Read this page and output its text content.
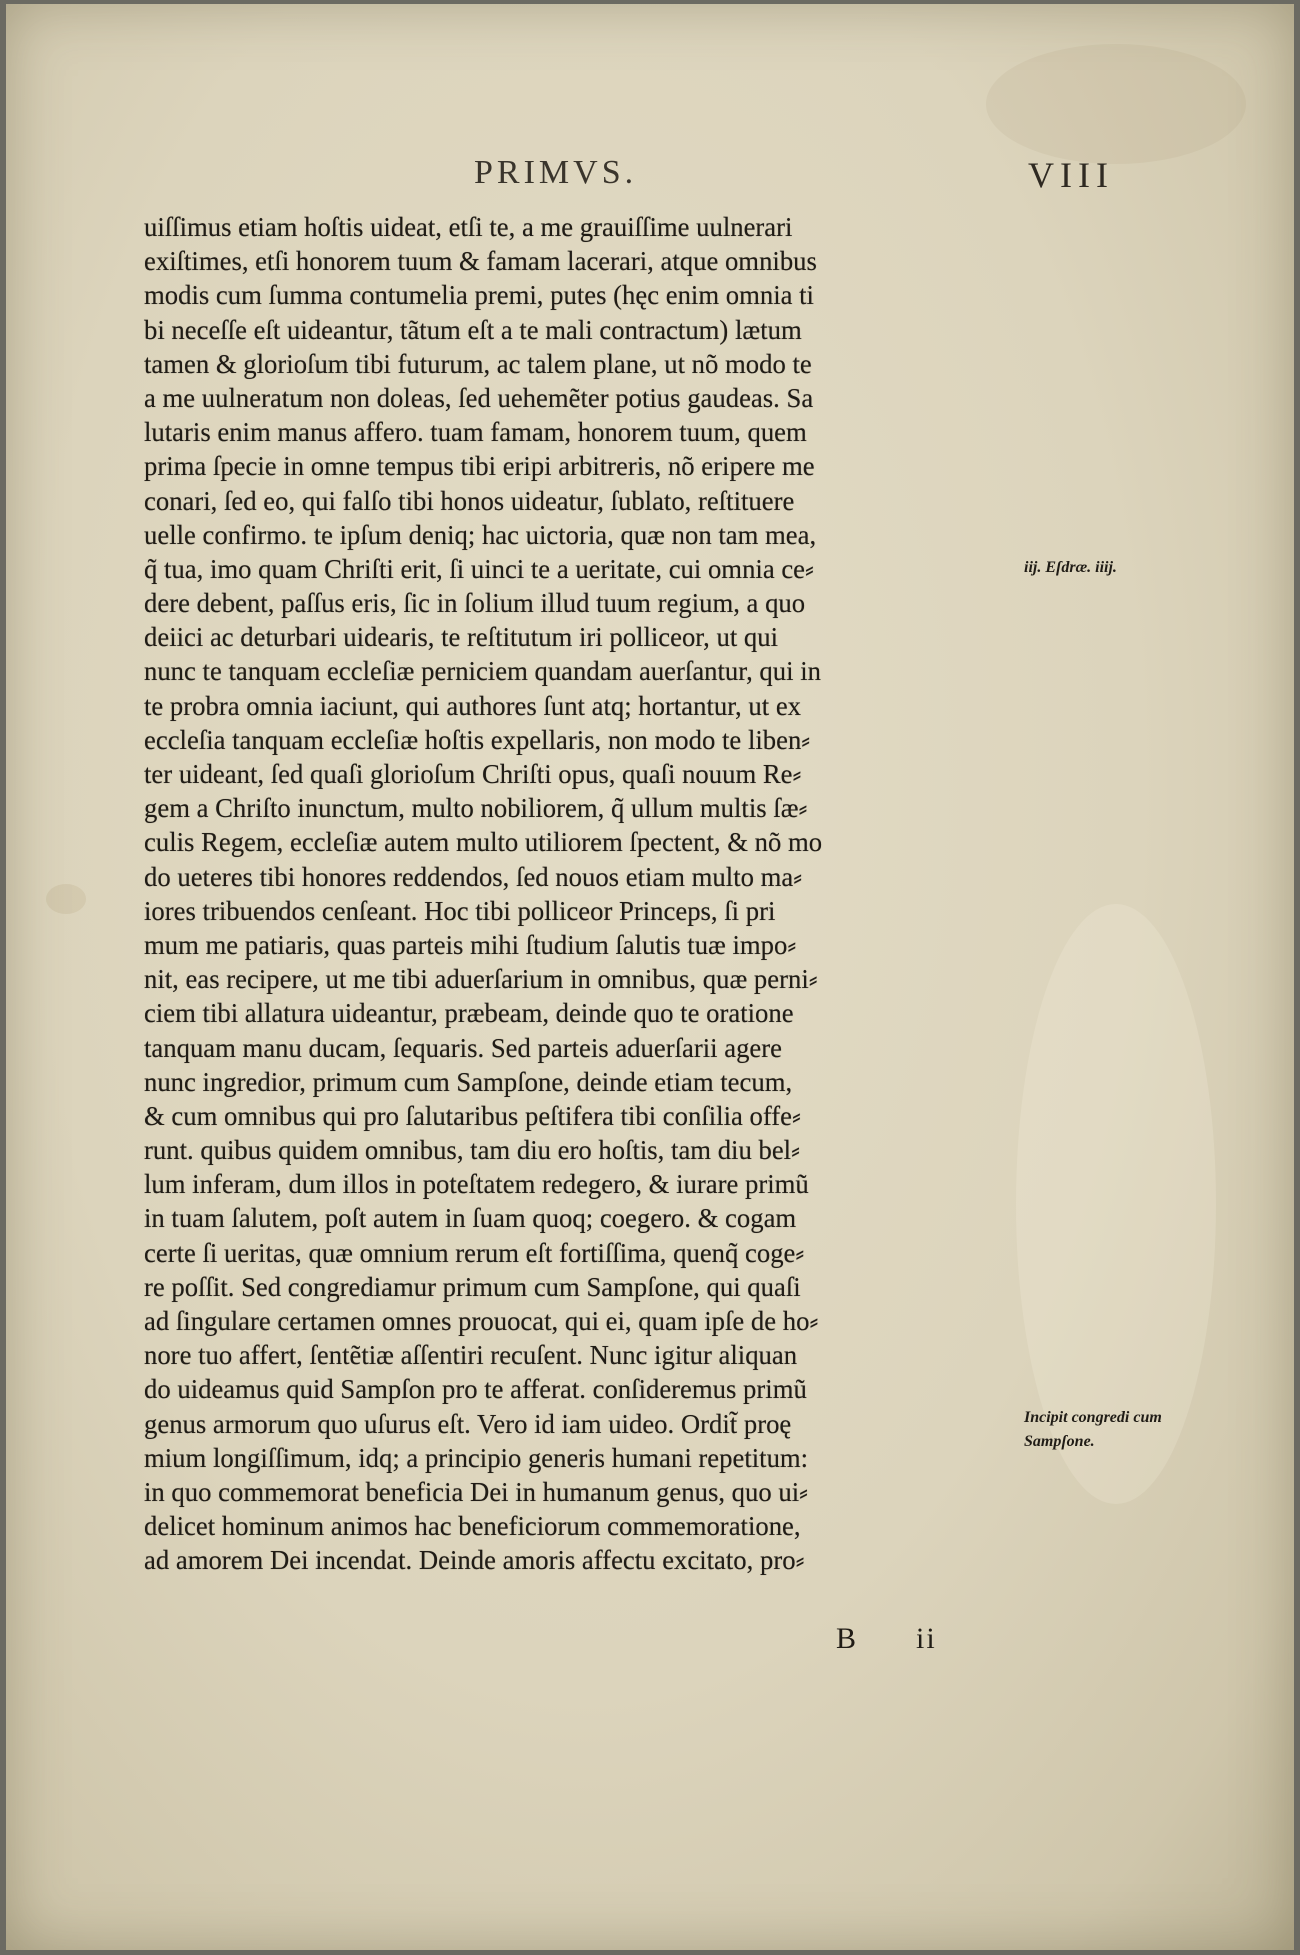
PRIMVS.	VIII
uiſſimus etiam hoſtis uideat, etſi te, a me grauiſſime uulnerari
exiſtimes, etſi honorem tuum & famam lacerari, atque omnibus
modis cum ſumma contumelia premi, putes (hęc enim omnia ti
bi neceſſe eſt uideantur, tãtum eſt a te mali contractum) lætum
tamen & glorioſum tibi futurum, ac talem plane, ut nõ modo te
a me uulneratum non doleas, ſed uehemẽter potius gaudeas. Sa
lutaris enim manus affero. tuam famam, honorem tuum, quem
prima ſpecie in omne tempus tibi eripi arbitreris, nõ eripere me
conari, ſed eo, qui falſo tibi honos uideatur, ſublato, reſtituere
uelle confirmo. te ipſum deniq; hac uictoria, quæ non tam mea,
q̃ tua, imo quam Chriſti erit, ſi uinci te a ueritate, cui omnia ce⸗
dere debent, paſſus eris, ſic in ſolium illud tuum regium, a quo
deiici ac deturbari uidearis, te reſtitutum iri polliceor, ut qui
nunc te tanquam eccleſiæ perniciem quandam auerſantur, qui in
te probra omnia iaciunt, qui authores ſunt atq; hortantur, ut ex
eccleſia tanquam eccleſiæ hoſtis expellaris, non modo te liben⸗
ter uideant, ſed quaſi glorioſum Chriſti opus, quaſi nouum Re⸗
gem a Chriſto inunctum, multo nobiliorem, q̃ ullum multis ſæ⸗
culis Regem, eccleſiæ autem multo utiliorem ſpectent, & nõ mo
do ueteres tibi honores reddendos, ſed nouos etiam multo ma⸗
iores tribuendos cenſeant. Hoc tibi polliceor Princeps, ſi pri
mum me patiaris, quas parteis mihi ſtudium ſalutis tuæ impo⸗
nit, eas recipere, ut me tibi aduerſarium in omnibus, quæ perni⸗
ciem tibi allatura uideantur, præbeam, deinde quo te oratione
tanquam manu ducam, ſequaris. Sed parteis aduerſarii agere
nunc ingredior, primum cum Sampſone, deinde etiam tecum,
& cum omnibus qui pro ſalutaribus peſtifera tibi conſilia offe⸗
runt. quibus quidem omnibus, tam diu ero hoſtis, tam diu bel⸗
lum inferam, dum illos in poteſtatem redegero, & iurare primũ
in tuam ſalutem, poſt autem in ſuam quoq; coegero. & cogam
certe ſi ueritas, quæ omnium rerum eſt fortiſſima, quenq̃ coge⸗
re poſſit. Sed congrediamur primum cum Sampſone, qui quaſi
ad ſingulare certamen omnes prouocat, qui ei, quam ipſe de ho⸗
nore tuo affert, ſentẽtiæ aſſentiri recuſent. Nunc igitur aliquan
do uideamus quid Sampſon pro te afferat. conſideremus primũ
genus armorum quo uſurus eſt. Vero id iam uideo. Ordit̃ proę
mium longiſſimum, idq; a principio generis humani repetitum:
in quo commemorat beneficia Dei in humanum genus, quo ui⸗
delicet hominum animos hac beneficiorum commemoratione,
ad amorem Dei incendat. Deinde amoris affectu excitato, pro⸗
iij. Eſdræ. iiij.
Incipit congredi cum Sampſone.
B ii
